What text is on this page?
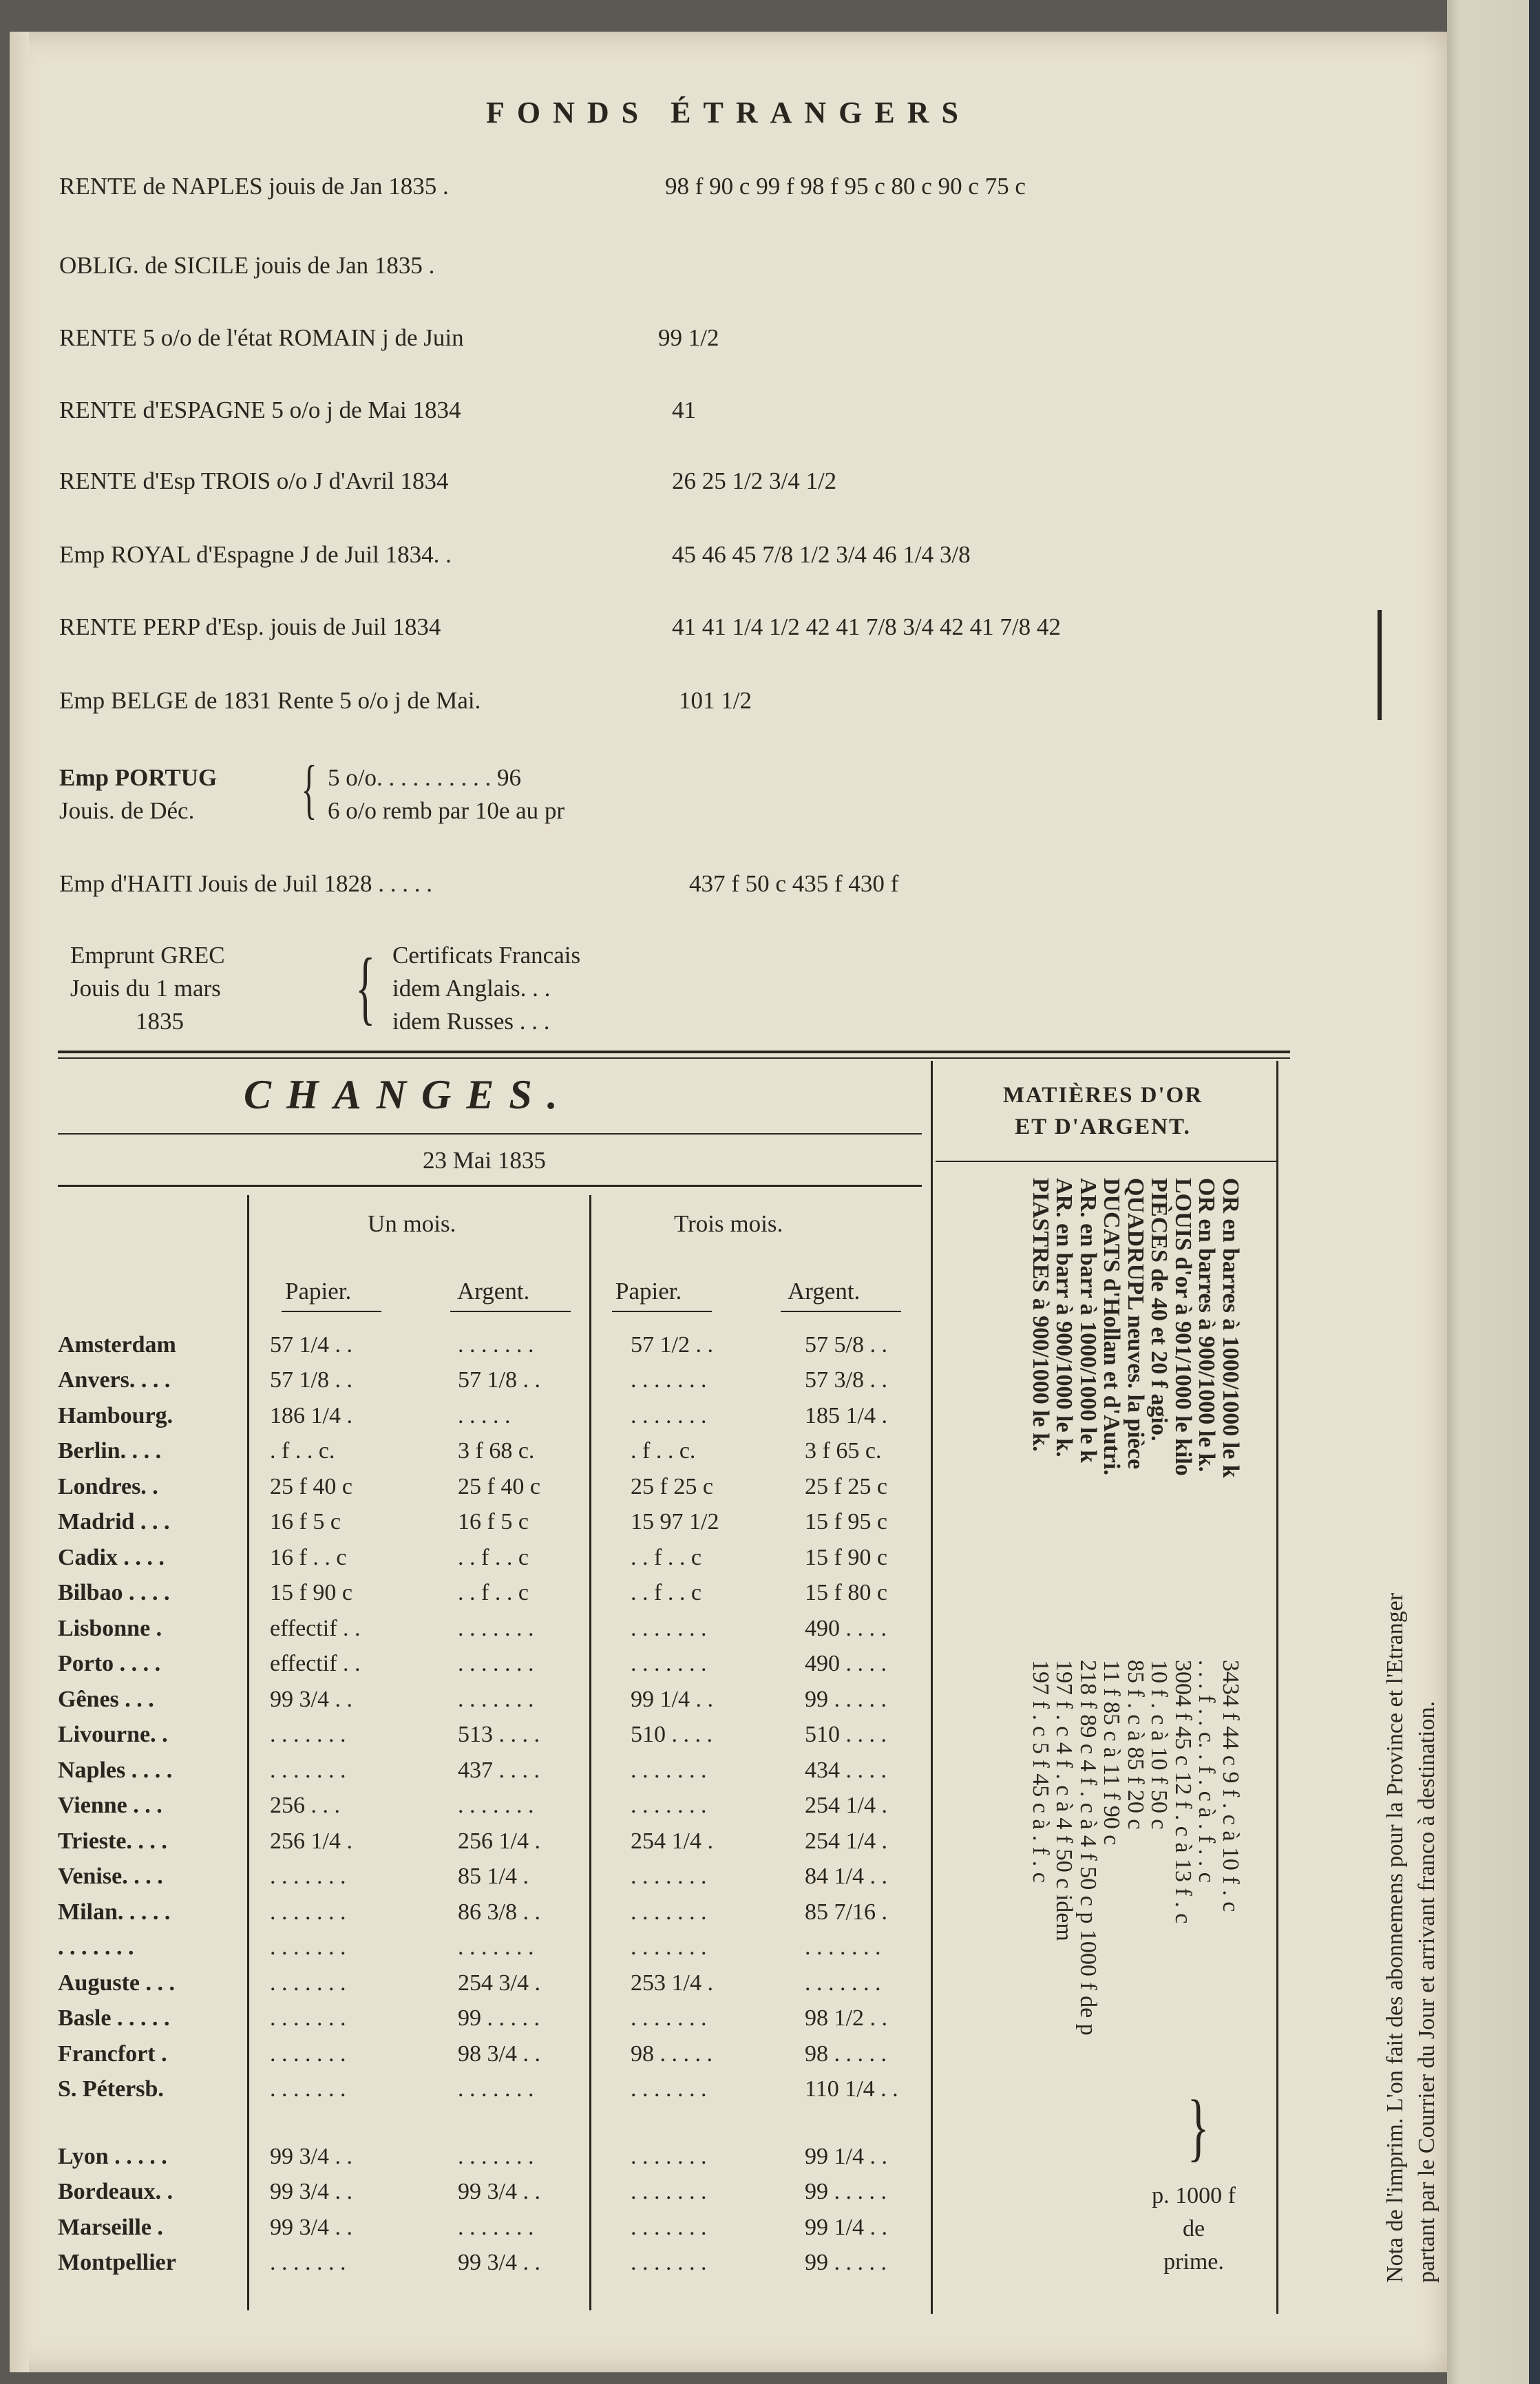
FONDS ÉTRANGERS
RENTE de NAPLES jouis de Jan 1835 .	98 f 90 c 99 f 98 f 95 c 80 c 90 c 75 c
OBLIG. de SICILE jouis de Jan 1835 .
RENTE 5 o/o de l'état ROMAIN j de Juin	99 1/2
RENTE d'ESPAGNE 5 o/o j de Mai 1834	41
RENTE d'Esp TROIS o/o J d'Avril 1834	26 25 1/2 3/4 1/2
Emp ROYAL d'Espagne J de Juil 1834. .	45 46 45 7/8 1/2 3/4 46 1/4 3/8
RENTE PERP d'Esp. jouis de Juil 1834	41 41 1/4 1/2 42 41 7/8 3/4 42 41 7/8 42
Emp BELGE de 1831 Rente 5 o/o j de Mai.	101 1/2
Emp PORTUG
Jouis. de Déc.	{ 5 o/o. . . . . . . . . . 96
6 o/o remb par 10e au pr
Emp d'HAITI Jouis de Juil 1828 . . . . .	437 f 50 c 435 f 430 f
Emprunt GREC
Jouis du 1 mars
1835	{ Certificats Francais
idem Anglais. . .
idem Russes . . .
CHANGES.
23 Mai 1835
Un mois.	Trois mois.
Papier.	Argent.	Papier.	Argent.
Amsterdam	57 1/4 . .	. . . . . . .	57 1/2 . .	57 5/8 . .
Anvers. . . .	57 1/8 . .	57 1/8 . .	. . . . . . .	57 3/8 . .
Hambourg.	186 1/4 .	. . . . .	. . . . . . .	185 1/4 .
Berlin. . . .	. f . . c.	3 f 68 c.	. f . . c.	3 f 65 c.
Londres. .	25 f 40 c	25 f 40 c	25 f 25 c	25 f 25 c
Madrid . . .	16 f 5 c	16 f 5 c	15 97 1/2	15 f 95 c
Cadix . . . .	16 f . . c	. . f . . c	. . f . . c	15 f 90 c
Bilbao . . . .	15 f 90 c	. . f . . c	. . f . . c	15 f 80 c
Lisbonne .	effectif . .	. . . . . . .	. . . . . . .	490 . . . .
Porto . . . .	effectif . .	. . . . . . .	. . . . . . .	490 . . . .
Gênes . . .	99 3/4 . .	. . . . . . .	99 1/4 . .	99 . . . . .
Livourne. .	. . . . . . .	513 . . . .	510 . . . .	510 . . . .
Naples . . . .	. . . . . . .	437 . . . .	. . . . . . .	434 . . . .
Vienne . . .	256 . . .	. . . . . . .	. . . . . . .	254 1/4 .
Trieste. . . .	256 1/4 .	256 1/4 .	254 1/4 .	254 1/4 .
Venise. . . .	. . . . . . .	85 1/4 .	. . . . . . .	84 1/4 . .
Milan. . . . .	. . . . . . .	86 3/8 . .	. . . . . . .	85 7/16 .
. . . . . . .	. . . . . . .	. . . . . . .	. . . . . . .	. . . . . . .
Auguste . . .	. . . . . . .	254 3/4 .	253 1/4 .	. . . . . . .
Basle . . . . .	. . . . . . .	99 . . . . .	. . . . . . .	98 1/2 . .
Francfort .	. . . . . . .	98 3/4 . .	98 . . . . .	98 . . . . .
S. Pétersb.	. . . . . . .	. . . . . . .	. . . . . . .	110 1/4 . .

Lyon . . . . .	99 3/4 . .	. . . . . . .	. . . . . . .	99 1/4 . .
Bordeaux. .	99 3/4 . .	99 3/4 . .	. . . . . . .	99 . . . . .
Marseille .	99 3/4 . .	. . . . . . .	. . . . . . .	99 1/4 . .
Montpellier	. . . . . . .	99 3/4 . .	. . . . . . .	99 . . . . .
MATIÈRES D'OR
ET D'ARGENT.
OR en barres à 1000/1000 le k
3434 f 44 c 9 f . c à 10 f . c
OR en barres à 900/1000 le k.
. . . f . . c. . f . c à . f . . c
LOUIS d'or à 901/1000 le kilo
3004 f 45 c 12 f . c à 13 f . c
PIÈCES de 40 et 20 f agio.
10 f . c à 10 f 50 c
QUADRUPL neuves. la pièce
85 f . c à 85 f 20 c
DUCATS d'Hollan et d'Autri.
11 f 85 c à 11 f 90 c
AR. en barr à 1000/1000 le k
218 f 89 c 4 f . c à 4 f 50 c p 1000 f de p
AR. en barr à 900/1000 le k.
197 f . c 4 f . c à 4 f 50 c idem
PIASTRES à 900/1000 le k.
197 f . c 5 f 45 c à . f . c
}
p. 1000 f
de
prime.	Nota de l'imprim. L'on fait des abonnemens pour la Province et l'Etranger partant par le Courrier du Jour et arrivant franco à destination.
